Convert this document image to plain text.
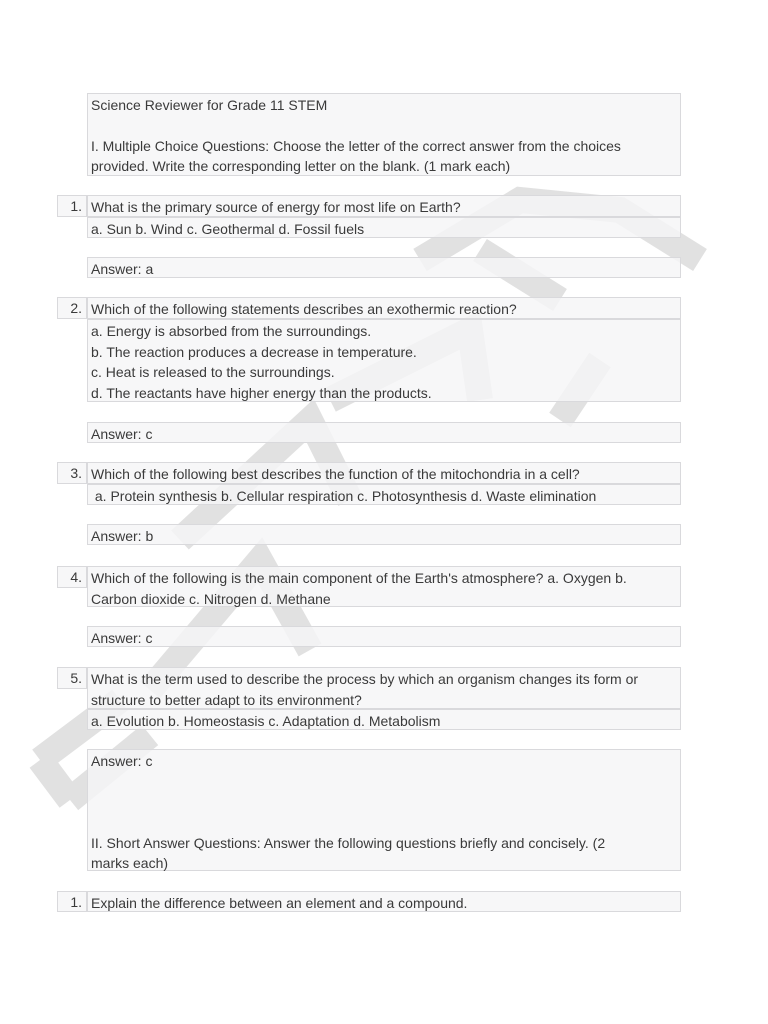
Science Reviewer for Grade 11 STEM
I. Multiple Choice Questions: Choose the letter of the correct answer from the choices
provided. Write the corresponding letter on the blank. (1 mark each)
1. What is the primary source of energy for most life on Earth?
a. Sun b. Wind c. Geothermal d. Fossil fuels
Answer: a
2. Which of the following statements describes an exothermic reaction?
a. Energy is absorbed from the surroundings.
b. The reaction produces a decrease in temperature.
c. Heat is released to the surroundings.
d. The reactants have higher energy than the products.
Answer: c
3. Which of the following best describes the function of the mitochondria in a cell?
a. Protein synthesis b. Cellular respiration c. Photosynthesis d. Waste elimination
Answer: b
4. Which of the following is the main component of the Earth's atmosphere? a. Oxygen b.
Carbon dioxide c. Nitrogen d. Methane
Answer: c
5. What is the term used to describe the process by which an organism changes its form or
structure to better adapt to its environment?
a. Evolution b. Homeostasis c. Adaptation d. Metabolism
Answer: c
II. Short Answer Questions: Answer the following questions briefly and concisely. (2
marks each)
1. Explain the difference between an element and a compound.
